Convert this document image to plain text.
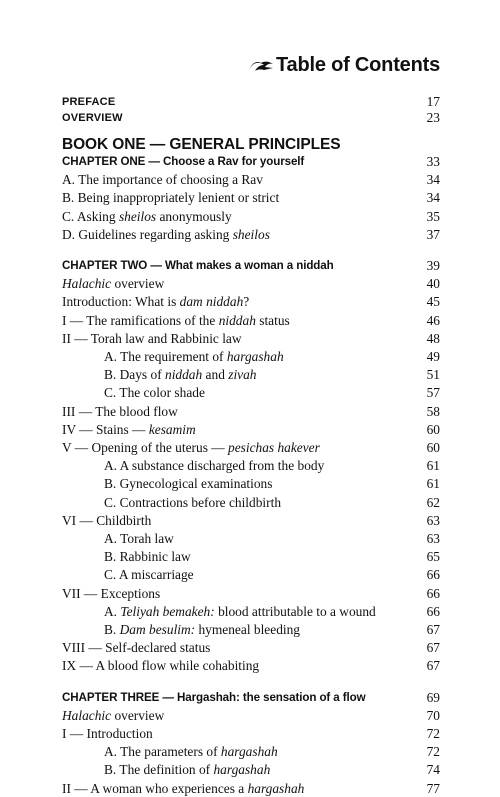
Table of Contents
PREFACE	17
OVERVIEW	23
BOOK ONE — GENERAL PRINCIPLES
CHAPTER ONE — Choose a Rav for yourself	33
A. The importance of choosing a Rav	34
B. Being inappropriately lenient or strict	34
C. Asking sheilos anonymously	35
D. Guidelines regarding asking sheilos	37
CHAPTER TWO — What makes a woman a niddah	39
Halachic overview	40
Introduction: What is dam niddah?	45
I — The ramifications of the niddah status	46
II — Torah law and Rabbinic law	48
A. The requirement of hargashah	49
B. Days of niddah and zivah	51
C. The color shade	57
III — The blood flow	58
IV — Stains — kesamim	60
V — Opening of the uterus — pesichas hakever	60
A. A substance discharged from the body	61
B. Gynecological examinations	61
C. Contractions before childbirth	62
VI — Childbirth	63
A. Torah law	63
B. Rabbinic law	65
C. A miscarriage	66
VII — Exceptions	66
A. Teliyah bemakeh: blood attributable to a wound	66
B. Dam besulim: hymeneal bleeding	67
VIII — Self-declared status	67
IX — A blood flow while cohabiting	67
CHAPTER THREE — Hargashah: the sensation of a flow	69
Halachic overview	70
I — Introduction	72
A. The parameters of hargashah	72
B. The definition of hargashah	74
II — A woman who experiences a hargashah	77
